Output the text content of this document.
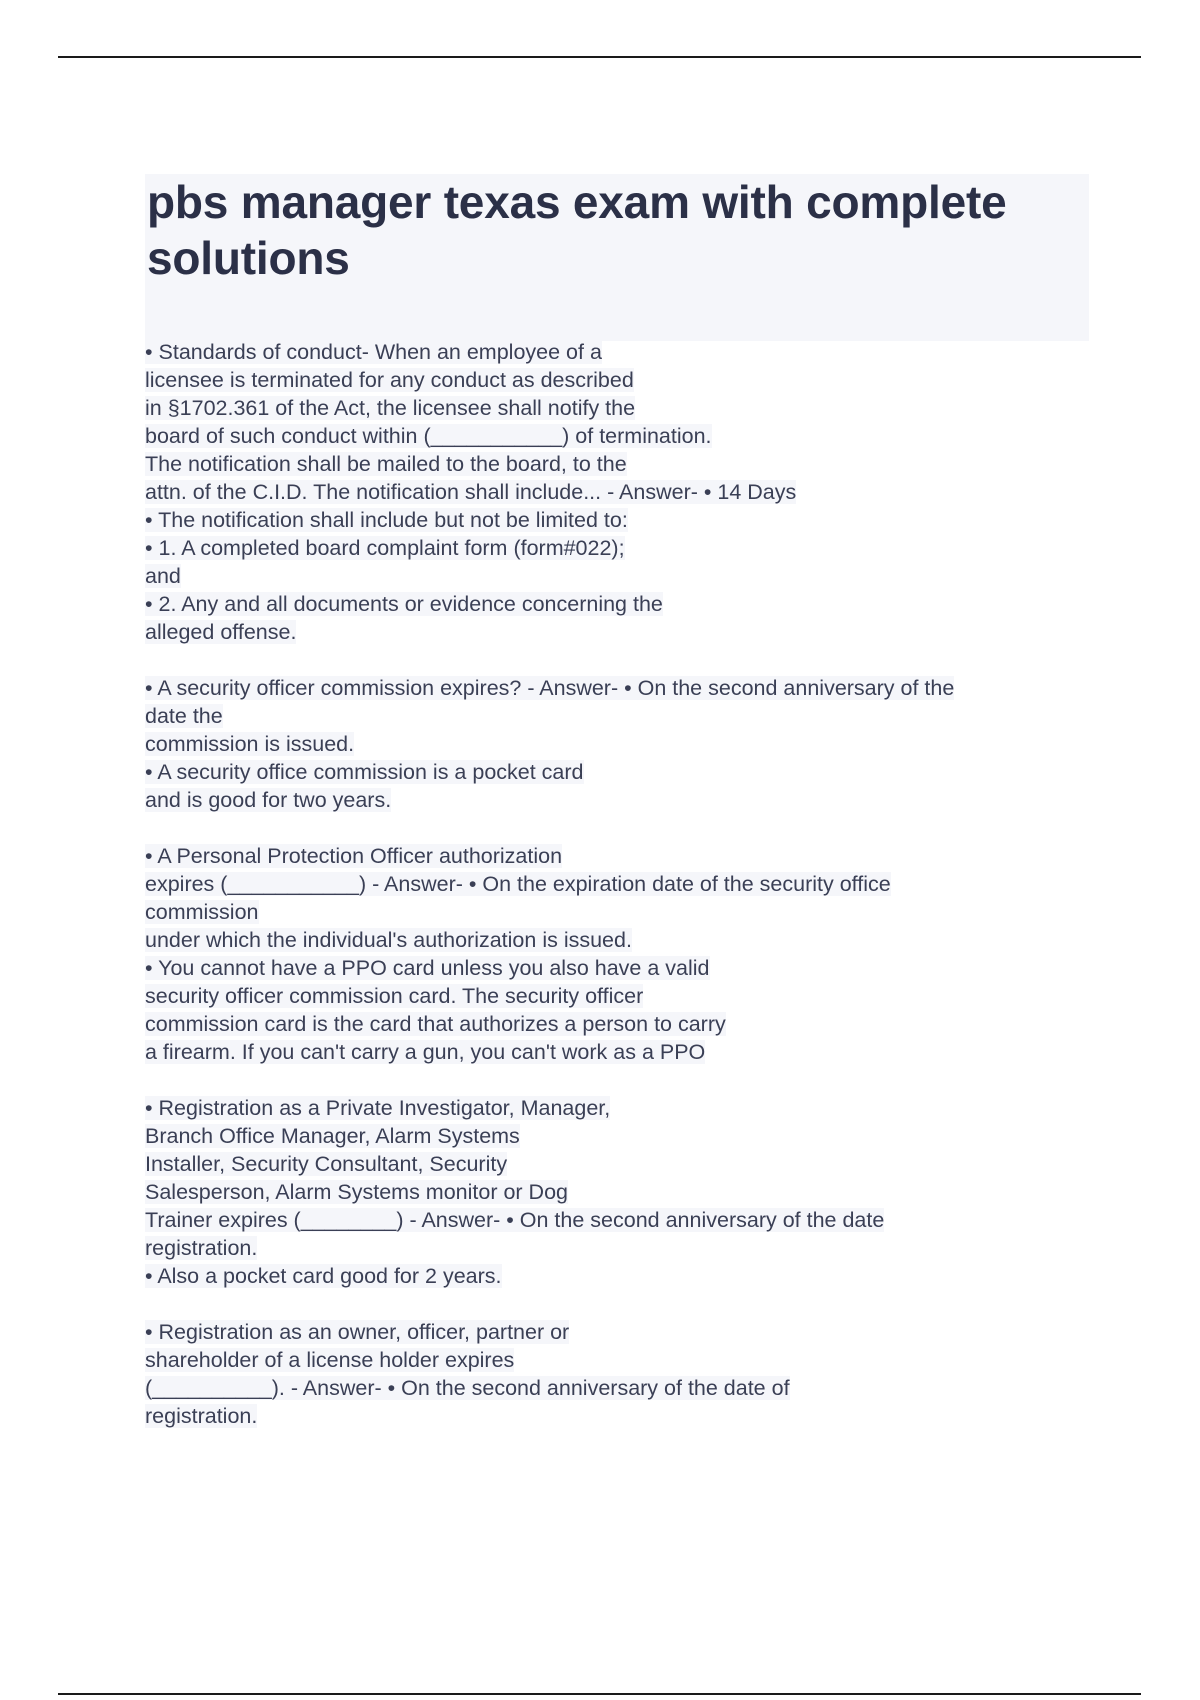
pbs manager texas exam with complete
solutions
• Standards of conduct- When an employee of a
licensee is terminated for any conduct as described
in §1702.361 of the Act, the licensee shall notify the
board of such conduct within (___________) of termination.
The notification shall be mailed to the board, to the
attn. of the C.I.D. The notification shall include... - Answer- • 14 Days
• The notification shall include but not be limited to:
• 1. A completed board complaint form (form#022);
and
• 2. Any and all documents or evidence concerning the
alleged offense.
• A security officer commission expires? - Answer- • On the second anniversary of the
date the
commission is issued.
• A security office commission is a pocket card
and is good for two years.
• A Personal Protection Officer authorization
expires (___________) - Answer- • On the expiration date of the security office
commission
under which the individual's authorization is issued.
• You cannot have a PPO card unless you also have a valid
security officer commission card. The security officer
commission card is the card that authorizes a person to carry
a firearm. If you can't carry a gun, you can't work as a PPO
• Registration as a Private Investigator, Manager,
Branch Office Manager, Alarm Systems
Installer, Security Consultant, Security
Salesperson, Alarm Systems monitor or Dog
Trainer expires (________) - Answer- • On the second anniversary of the date
registration.
• Also a pocket card good for 2 years.
• Registration as an owner, officer, partner or
shareholder of a license holder expires
(__________). - Answer- • On the second anniversary of the date of
registration.
